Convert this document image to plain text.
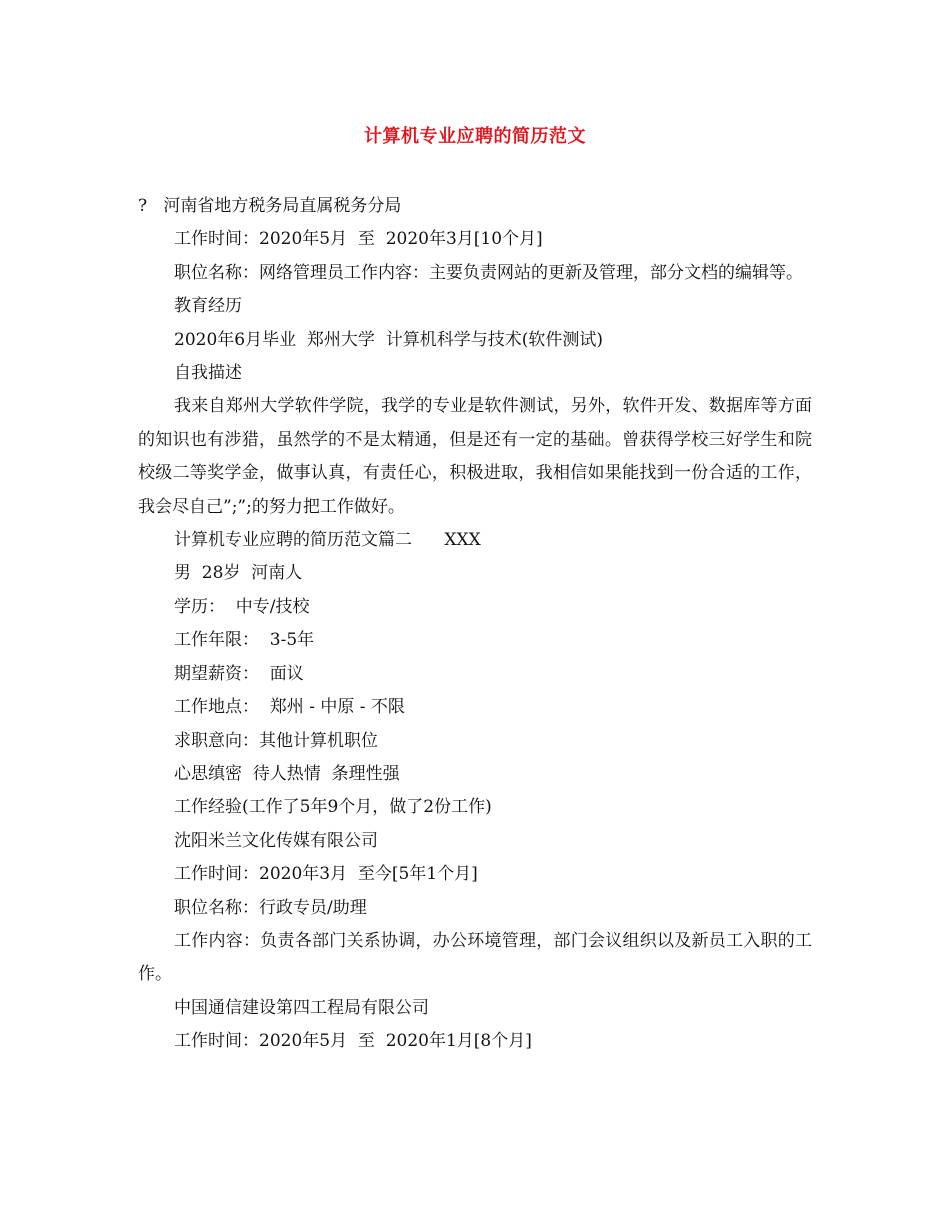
计算机专业应聘的简历范文

?   河南省地方税务局直属税务分局

工作时间：2020年5月  至  2020年3月[10个月]

职位名称：网络管理员工作内容：主要负责网站的更新及管理，部分文档的编辑等。

教育经历

2020年6月毕业  郑州大学  计算机科学与技术(软件测试)

自我描述

我来自郑州大学软件学院，我学的专业是软件测试，另外，软件开发、数据库等方面的知识也有涉猎，虽然学的不是太精通，但是还有一定的基础。曾获得学校三好学生和院校级二等奖学金，做事认真，有责任心，积极进取，我相信如果能找到一份合适的工作，我会尽自己”;”;的努力把工作做好。

计算机专业应聘的简历范文篇二      XXX

男  28岁  河南人

学历：  中专/技校

工作年限：  3-5年

期望薪资：  面议

工作地点：  郑州 - 中原 - 不限

求职意向：其他计算机职位

心思缜密  待人热情  条理性强

工作经验(工作了5年9个月，做了2份工作)

沈阳米兰文化传媒有限公司

工作时间：2020年3月  至今[5年1个月]

职位名称：行政专员/助理

工作内容：负责各部门关系协调，办公环境管理，部门会议组织以及新员工入职的工作。

中国通信建设第四工程局有限公司

工作时间：2020年5月  至  2020年1月[8个月]
